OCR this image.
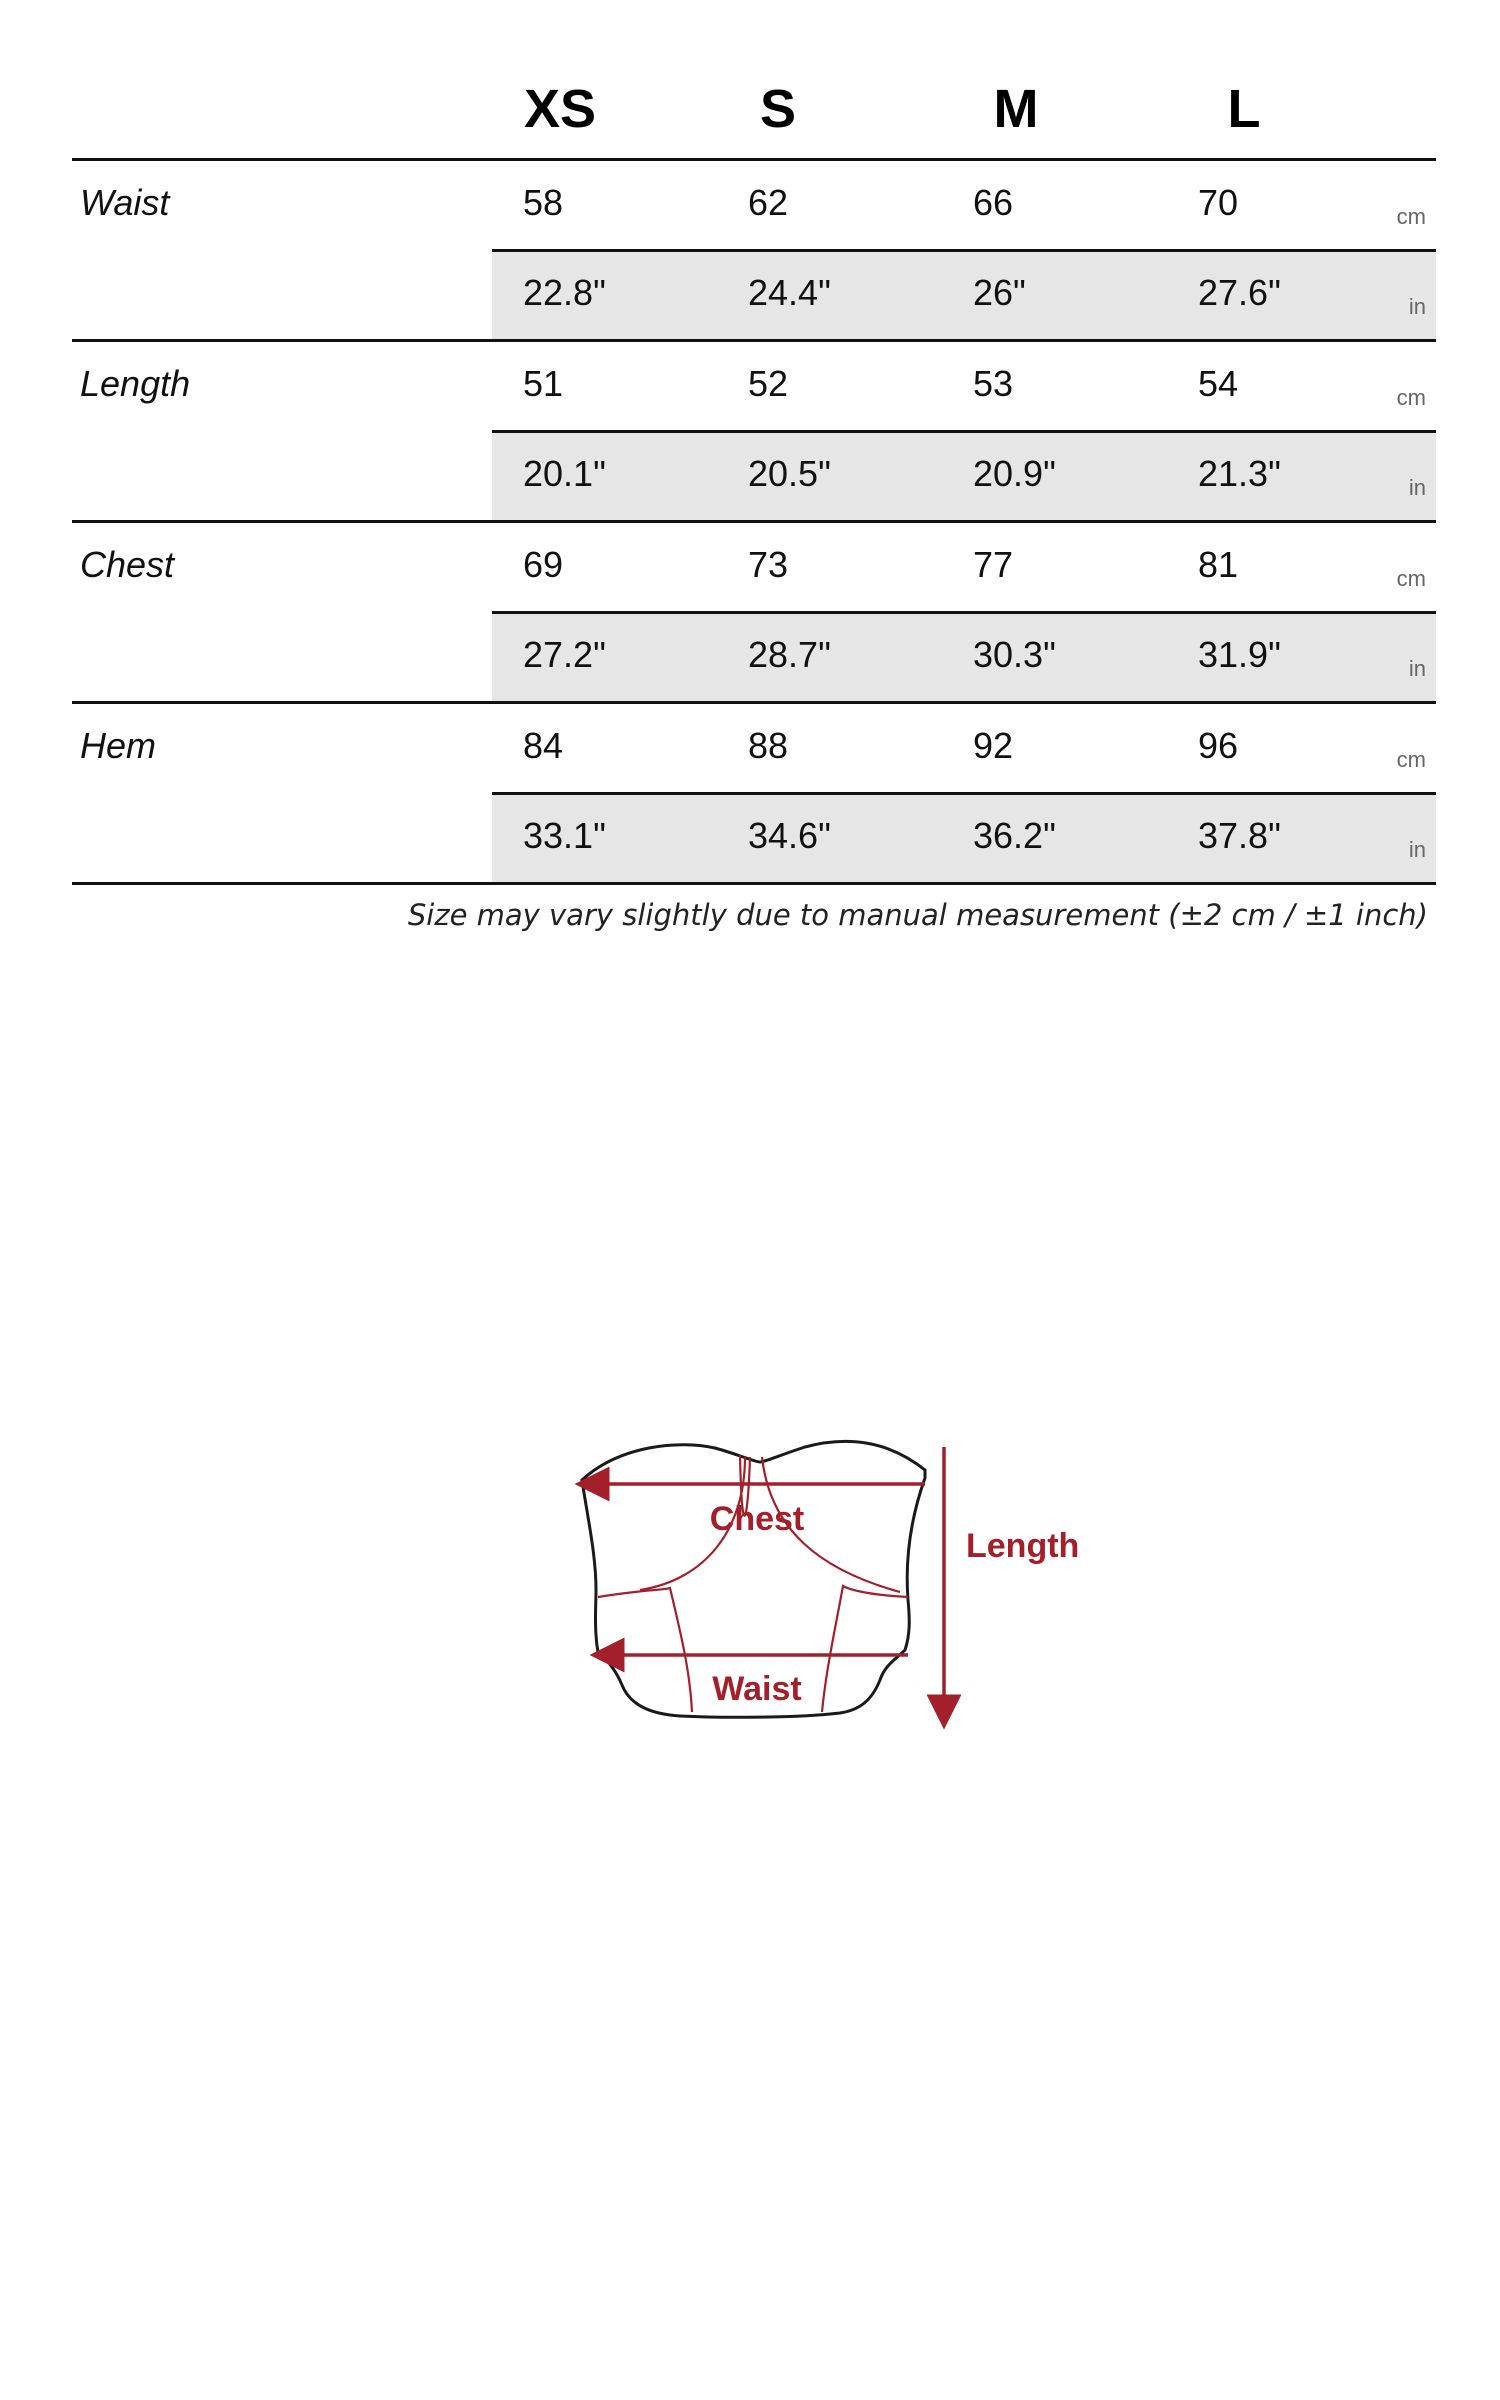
XS	S	M	L
Waist	58	62	66	70	cm
22.8"	24.4"	26"	27.6"	in
Length	51	52	53	54	cm
20.1"	20.5"	20.9"	21.3"	in
Chest	69	73	77	81	cm
27.2"	28.7"	30.3"	31.9"	in
Hem	84	88	92	96	cm
33.1"	34.6"	36.2"	37.8"	in
Size may vary slightly due to manual measurement (±2 cm / ±1 inch)
Chest
Waist
Length
